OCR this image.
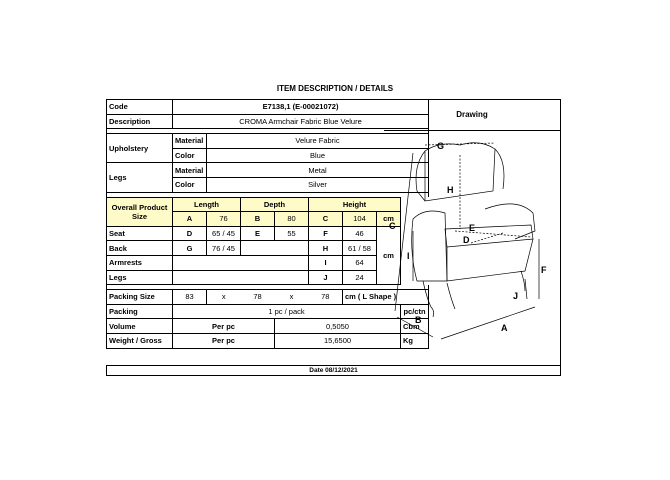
ITEM DESCRIPTION / DETAILS
Code	E7138,1 (E-00021072)							
Description	CROMA Armchair Fabric Blue Velure							

Upholstery	Material	Velure Fabric						
	Color	Blue						
Legs	Material	Metal						
	Color	Silver						

Overall Product Size	Length		Depth		Height			
	A	76	B	80	C	104	cm	
Seat	D	65 / 45	E	55	F	46	cm	
Back	G	76 / 45			H	61 / 58		
Armrests					I	64		
Legs					J	24		

Packing Size	83	x	78	x	78	cm ( L Shape )		
Packing	1 pc / pack							pc/ctn
Volume	Per pc			0,5050				Cbm
Weight / Gross	Per pc			15,6500				Kg
Drawing
C
I
G
H
E
D
F
J
B
A
Date 08/12/2021
